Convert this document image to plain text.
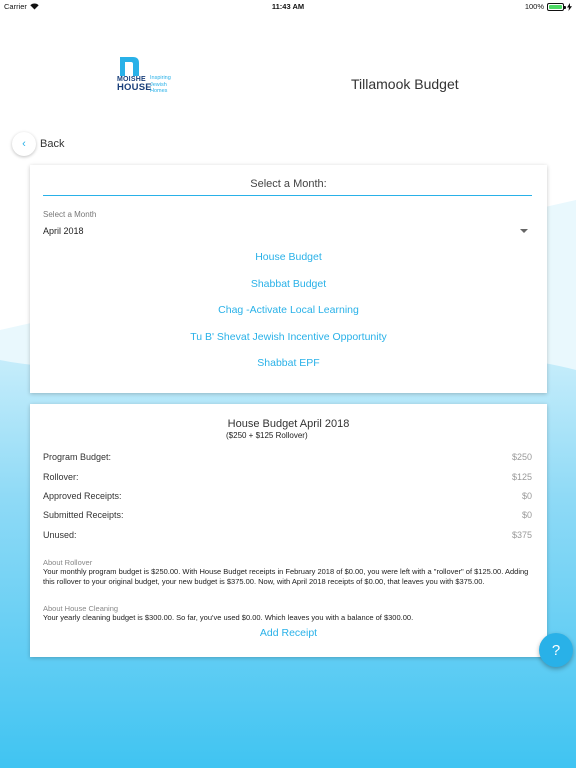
Carrier	11:43 AM	100%
MOISHE
HOUSE
Inspiring
Jewish
Homes	Tillamook Budget
‹	Back
Select a Month:
Select a Month
April 2018
House Budget
Shabbat Budget
Chag -Activate Local Learning
Tu B' Shevat Jewish Incentive Opportunity
Shabbat EPF
House Budget April 2018
($250 + $125 Rollover)
Program Budget:	$250
Rollover:	$125
Approved Receipts:	$0
Submitted Receipts:	$0
Unused:	$375
About Rollover
Your monthly program budget is $250.00. With House Budget receipts in February 2018 of $0.00, you were left with a "rollover" of $125.00. Adding this rollover to your original budget, your new budget is $375.00. Now, with April 2018 receipts of $0.00, that leaves you with $375.00.
About House Cleaning
Your yearly cleaning budget is $300.00. So far, you've used $0.00. Which leaves you with a balance of $300.00.
Add Receipt
?
